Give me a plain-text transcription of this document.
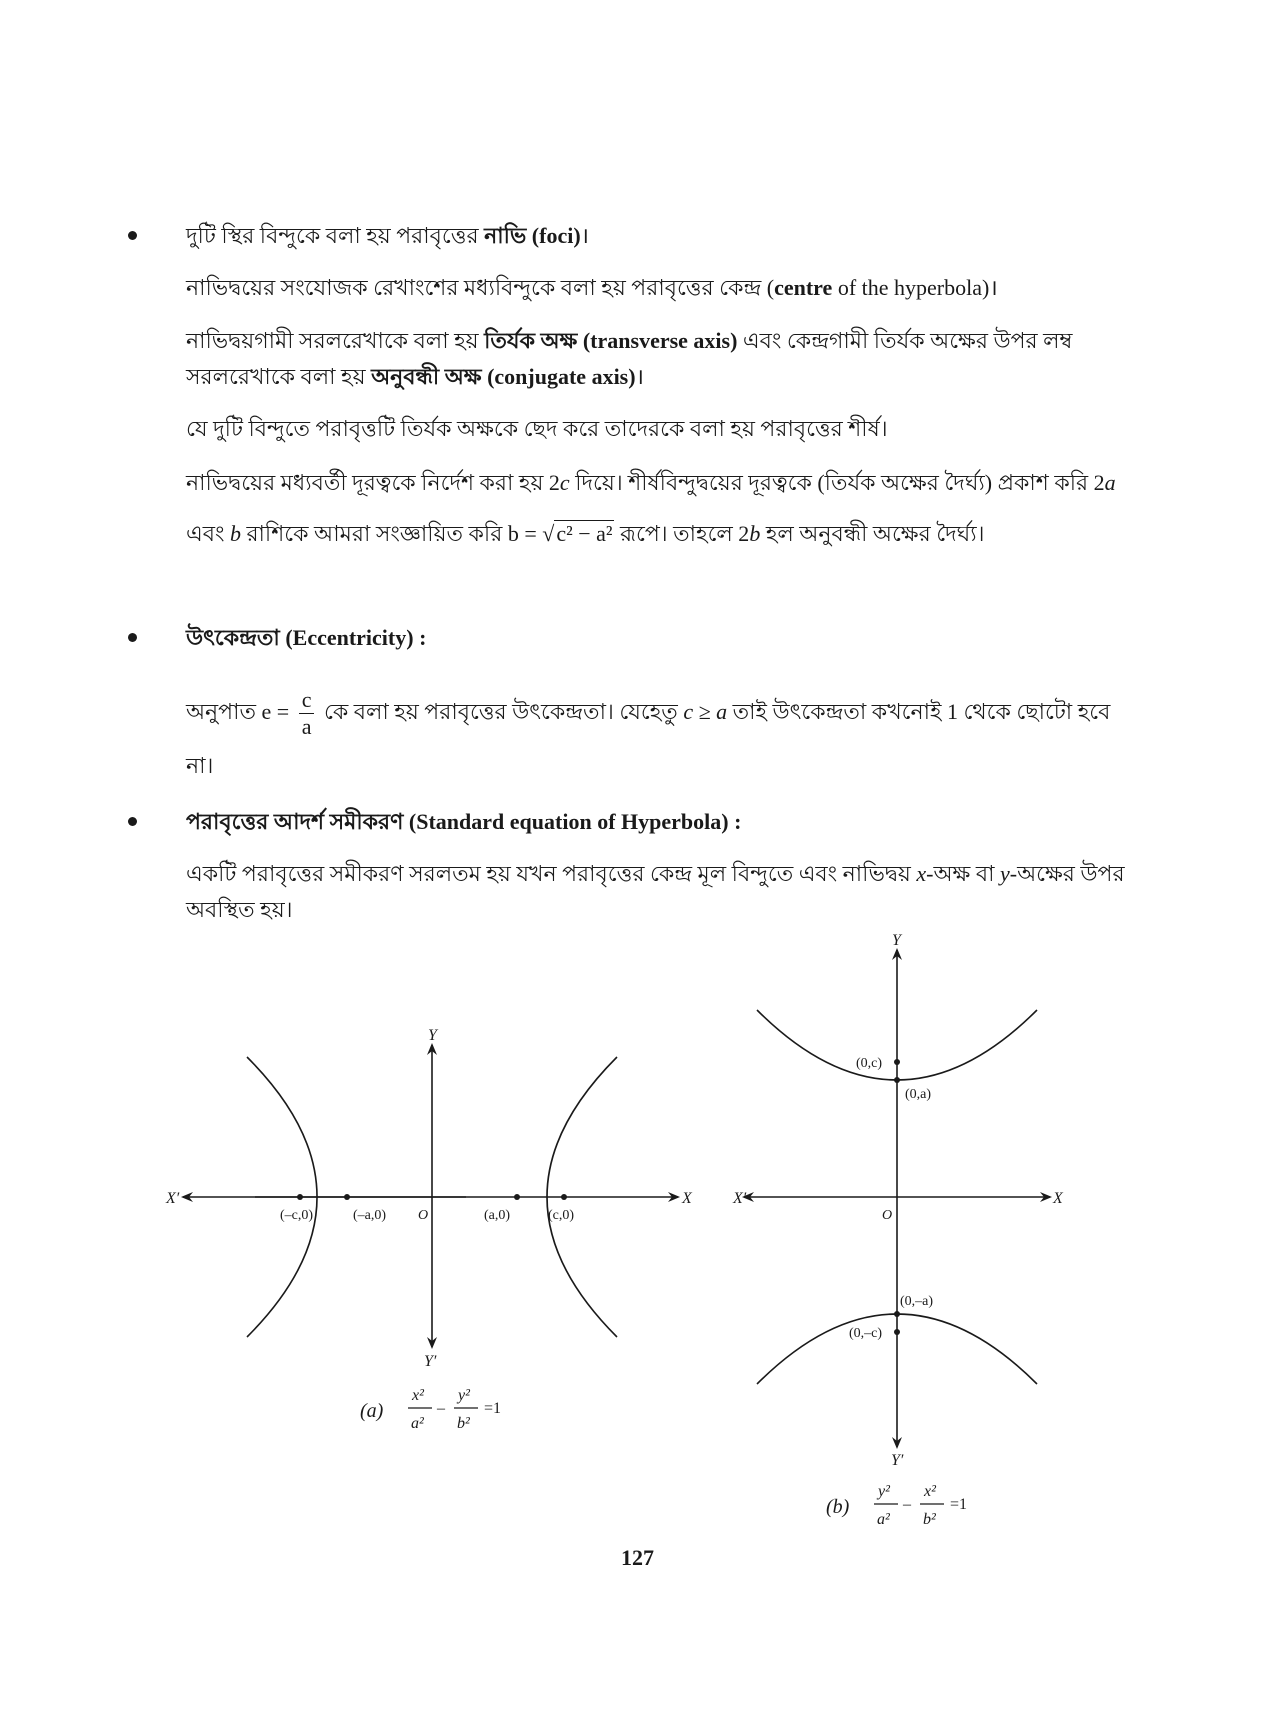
দুটি স্থির বিন্দুকে বলা হয় পরাবৃত্তের নাভি (foci)।
নাভিদ্বয়ের সংযোজক রেখাংশের মধ্যবিন্দুকে বলা হয় পরাবৃত্তের কেন্দ্র (centre of the hyperbola)।
নাভিদ্বয়গামী সরলরেখাকে বলা হয় তির্যক অক্ষ (transverse axis) এবং কেন্দ্রগামী তির্যক অক্ষের উপর লম্ব
সরলরেখাকে বলা হয় অনুবন্ধী অক্ষ (conjugate axis)।
যে দুটি বিন্দুতে পরাবৃত্তটি তির্যক অক্ষকে ছেদ করে তাদেরকে বলা হয় পরাবৃত্তের শীর্ষ।
নাভিদ্বয়ের মধ্যবর্তী দূরত্বকে নির্দেশ করা হয় 2c দিয়ে। শীর্ষবিন্দুদ্বয়ের দূরত্বকে (তির্যক অক্ষের দৈর্ঘ্য) প্রকাশ করি 2a
এবং b রাশিকে আমরা সংজ্ঞায়িত করি b = √c² − a² রূপে। তাহলে 2b হল অনুবন্ধী অক্ষের দৈর্ঘ্য।
উৎকেন্দ্রতা (Eccentricity) :
অনুপাত $e = \frac{c}{a}$ কে বলা হয় পরাবৃত্তের উৎকেন্দ্রতা। যেহেতু c ≥ a তাই উৎকেন্দ্রতা কখনোই 1 থেকে ছোটো হবে
না।
পরাবৃত্তের আদর্শ সমীকরণ (Standard equation of Hyperbola) :
একটি পরাবৃত্তের সমীকরণ সরলতম হয় যখন পরাবৃত্তের কেন্দ্র মূল বিন্দুতে এবং নাভিদ্বয় x-অক্ষ বা y-অক্ষের উপর
অবস্থিত হয়।
X′	X
Y
Y′
O
(–c,0)	(–a,0)	(a,0)	(c,0)
(a)
x²
a²
–
y²
b²
=1
X′	X
Y
Y′
O
(0,c)
(0,a)
(0,–a)
(0,–c)
(b)
y²
a²
–
x²
b²
=1
127
